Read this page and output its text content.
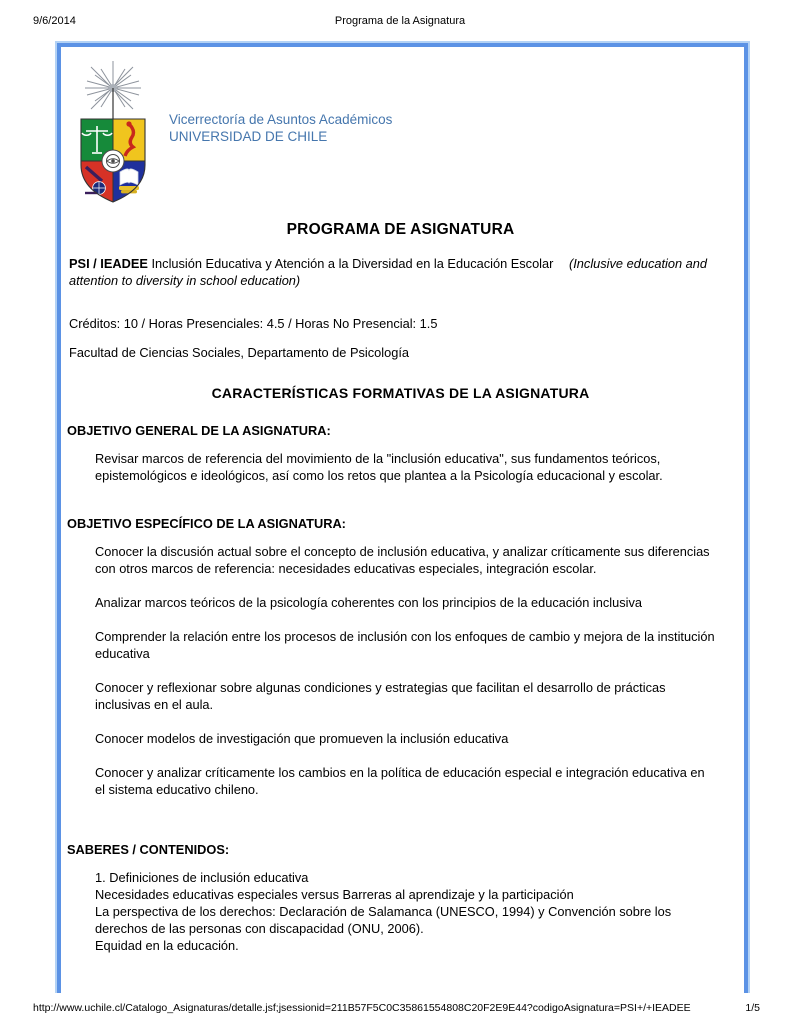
9/6/2014	Programa de la Asignatura
Vicerrectoría de Asuntos Académicos
UNIVERSIDAD DE CHILE
PROGRAMA DE ASIGNATURA

PSI / IEADEE Inclusión Educativa y Atención a la Diversidad en la Educación Escolar (Inclusive education and attention to diversity in school education)

Créditos: 10 / Horas Presenciales: 4.5 / Horas No Presencial: 1.5

Facultad de Ciencias Sociales, Departamento de Psicología

CARACTERÍSTICAS FORMATIVAS DE LA ASIGNATURA
OBJETIVO GENERAL DE LA ASIGNATURA:

Revisar marcos de referencia del movimiento de la "inclusión educativa", sus fundamentos teóricos, epistemológicos e ideológicos, así como los retos que plantea a la Psicología educacional y escolar.

OBJETIVO ESPECÍFICO DE LA ASIGNATURA:

Conocer la discusión actual sobre el concepto de inclusión educativa, y analizar críticamente sus diferencias con otros marcos de referencia: necesidades educativas especiales, integración escolar.

Analizar marcos teóricos de la psicología coherentes con los principios de la educación inclusiva

Comprender la relación entre los procesos de inclusión con los enfoques de cambio y mejora de la institución educativa

Conocer y reflexionar sobre algunas condiciones y estrategias que facilitan el desarrollo de prácticas inclusivas en el aula.

Conocer modelos de investigación que promueven la inclusión educativa

Conocer y analizar críticamente los cambios en la política de educación especial e integración educativa en el sistema educativo chileno.

SABERES / CONTENIDOS:
1. Definiciones de inclusión educativa
Necesidades educativas especiales versus Barreras al aprendizaje y la participación
La perspectiva de los derechos: Declaración de Salamanca (UNESCO, 1994) y Convención sobre los derechos de las personas con discapacidad (ONU, 2006).
Equidad en la educación.
http://www.uchile.cl/Catalogo_Asignaturas/detalle.jsf;jsessionid=211B57F5C0C35861554808C20F2E9E44?codigoAsignatura=PSI+/+IEADEE	1/5
